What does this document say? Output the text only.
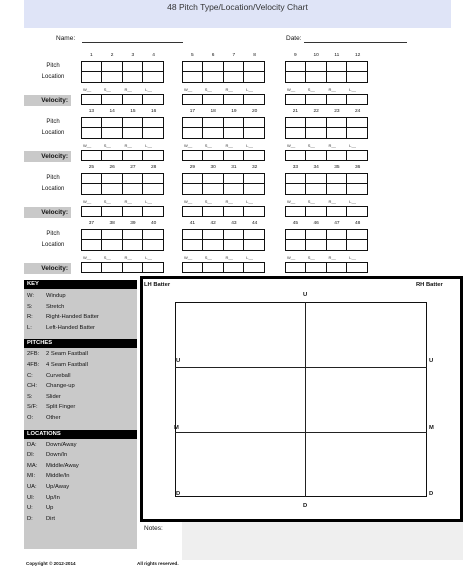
48 Pitch Type/Location/Velocity Chart
Name:	Date:
Pitch
Location
Velocity:
1	2	3	4
W__	S__	R__	L__
5	6	7	8
W__	S__	R__	L__
9	10	11	12
W__	S__	R__	L__
Pitch
Location
Velocity:
13	14	15	16
W__	S__	R__	L__
17	18	19	20
W__	S__	R__	L__
21	22	23	24
W__	S__	R__	L__
Pitch
Location
Velocity:
25	26	27	28
W__	S__	R__	L__
29	30	31	32
W__	S__	R__	L__
33	34	35	36
W__	S__	R__	L__
Pitch
Location
Velocity:
37	38	39	40
W__	S__	R__	L__
41	42	43	44
W__	S__	R__	L__
45	46	47	48
W__	S__	R__	L__
KEY
W:	Windup
S:	Stretch
R:	Right-Handed Batter
L:	Left-Handed Batter
PITCHES
2FB:	2 Seam Fastball
4FB:	4 Seam Fastball
C:	Curveball
CH:	Change-up
S:	Slider
S/F:	Split Finger
O:	Other
LOCATIONS
DA:	Down/Away
DI:	Down/In
MA:	Middle/Away
MI:	Middle/In
UA:	Up/Away
UI:	Up/In
U:	Up
D:	Dirt
LH Batter	RH Batter
U
U	U
M	M
D	D
D
Notes:
Copyright © 2012-2014	All rights reserved.
